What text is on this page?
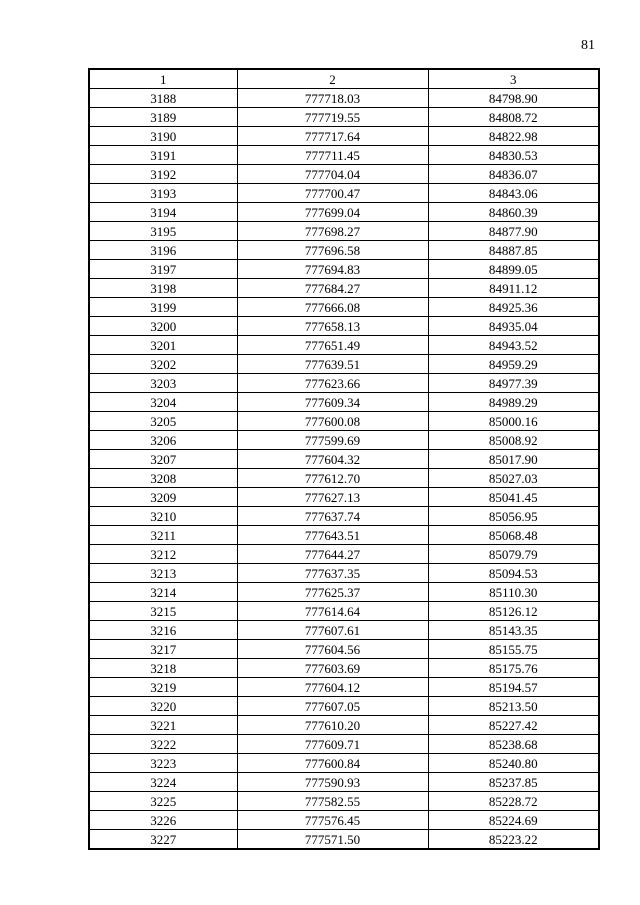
81
1	2	3
3188	777718.03	84798.90
3189	777719.55	84808.72
3190	777717.64	84822.98
3191	777711.45	84830.53
3192	777704.04	84836.07
3193	777700.47	84843.06
3194	777699.04	84860.39
3195	777698.27	84877.90
3196	777696.58	84887.85
3197	777694.83	84899.05
3198	777684.27	84911.12
3199	777666.08	84925.36
3200	777658.13	84935.04
3201	777651.49	84943.52
3202	777639.51	84959.29
3203	777623.66	84977.39
3204	777609.34	84989.29
3205	777600.08	85000.16
3206	777599.69	85008.92
3207	777604.32	85017.90
3208	777612.70	85027.03
3209	777627.13	85041.45
3210	777637.74	85056.95
3211	777643.51	85068.48
3212	777644.27	85079.79
3213	777637.35	85094.53
3214	777625.37	85110.30
3215	777614.64	85126.12
3216	777607.61	85143.35
3217	777604.56	85155.75
3218	777603.69	85175.76
3219	777604.12	85194.57
3220	777607.05	85213.50
3221	777610.20	85227.42
3222	777609.71	85238.68
3223	777600.84	85240.80
3224	777590.93	85237.85
3225	777582.55	85228.72
3226	777576.45	85224.69
3227	777571.50	85223.22
